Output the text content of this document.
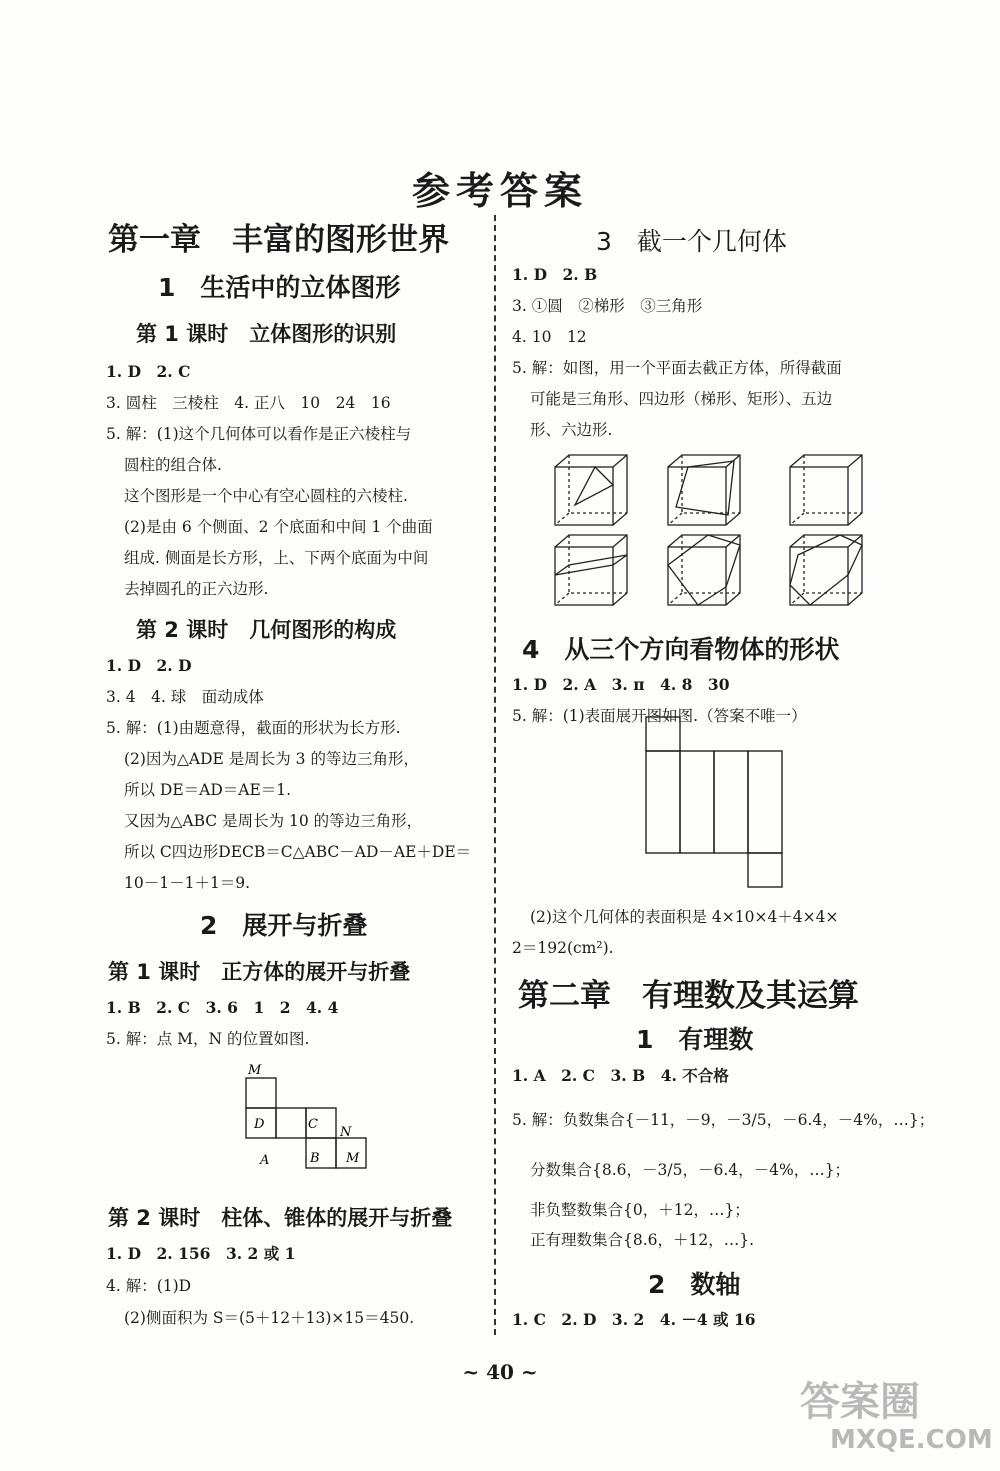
参考答案
第一章　丰富的图形世界
1　生活中的立体图形
第 1 课时　立体图形的识别
1. D　2. C
3. 圆柱　三棱柱　4. 正八　10　24　16
5. 解：(1)这个几何体可以看作是正六棱柱与
圆柱的组合体.
这个图形是一个中心有空心圆柱的六棱柱.
(2)是由 6 个侧面、2 个底面和中间 1 个曲面
组成. 侧面是长方形，上、下两个底面为中间
去掉圆孔的正六边形.
第 2 课时　几何图形的构成
1. D　2. D
3. 4　4. 球　面动成体
5. 解：(1)由题意得，截面的形状为长方形.
(2)因为△ADE 是周长为 3 的等边三角形，
所以 DE＝AD＝AE＝1.
又因为△ABC 是周长为 10 的等边三角形，
所以 C四边形DECB＝C△ABC－AD－AE＋DE＝
10－1－1＋1＝9.
2　展开与折叠
第 1 课时　正方体的展开与折叠
1. B　2. C　3. 6　1　2　4. 4
5. 解：点 M，N 的位置如图.
M
D	C
N
A	B M
第 2 课时　柱体、锥体的展开与折叠
1. D　2. 156　3. 2 或 1
4. 解：(1)D
(2)侧面积为 S＝(5＋12＋13)×15＝450.
3　截一个几何体
1. D　2. B
3. ①圆　②梯形　③三角形
4. 10　12
5. 解：如图，用一个平面去截正方体，所得截面
可能是三角形、四边形（梯形、矩形）、五边
形、六边形.
4　从三个方向看物体的形状
1. D　2. A　3. π　4. 8　30
5. 解：(1)表面展开图如图.（答案不唯一）
(2)这个几何体的表面积是 4×10×4＋4×4×
2＝192(cm²).
第二章　有理数及其运算
1　有理数
1. A　2. C　3. B　4. 不合格
5. 解：负数集合{－11，－9，－3/5，－6.4，－4%，…}；
分数集合{8.6，－3/5，－6.4，－4%，…}；
非负整数集合{0，＋12，…}；
正有理数集合{8.6，＋12，…}.
2　数轴
1. C　2. D　3. 2　4. －4 或 16
~ 40 ~
答案圈
MXQE.COM
